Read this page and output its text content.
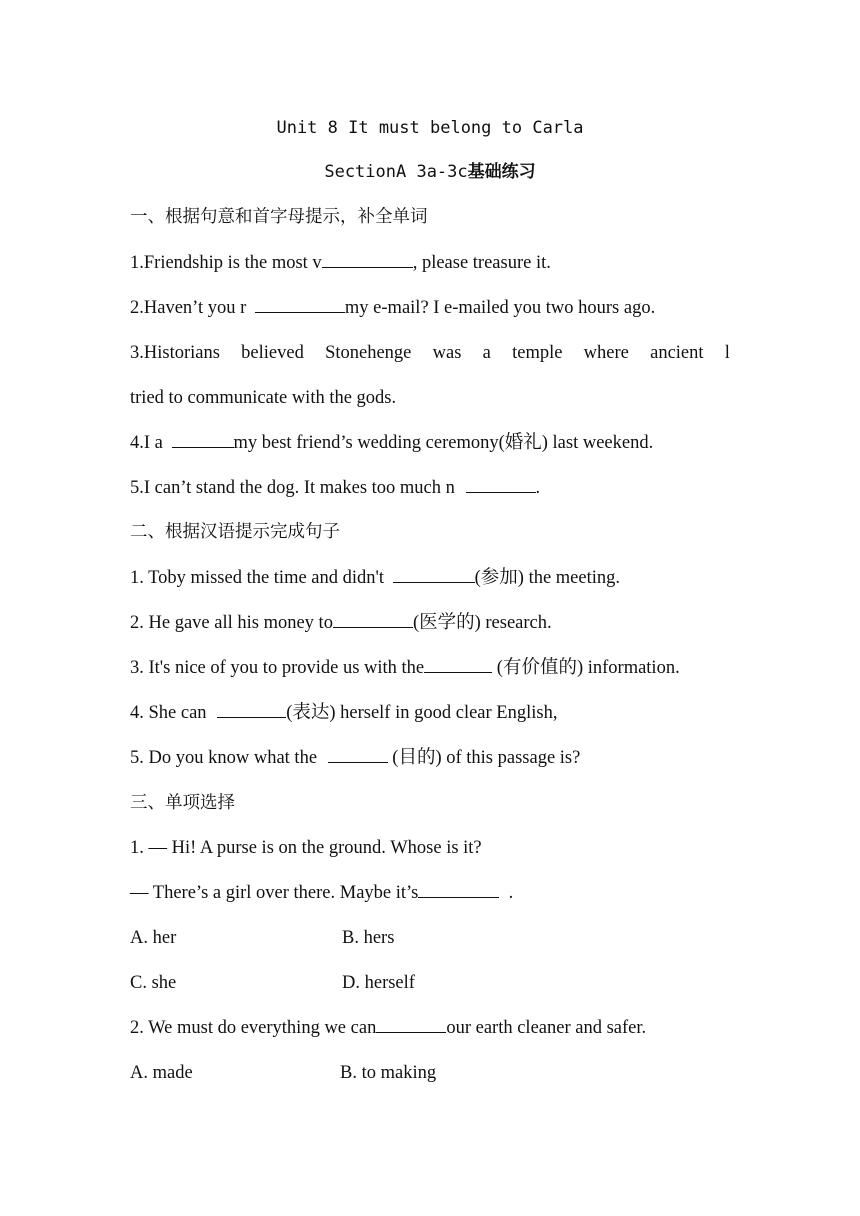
Unit 8 It must belong to Carla
SectionA 3a-3c基础练习
一、根据句意和首字母提示，补全单词
1.Friendship is the most v	, please treasure it.
2.Haven’t you r	my e-mail? I e-mailed you two hours ago.
3.Historians believed Stonehenge was a temple where ancient l
tried to communicate with the gods.
4.I a	my best friend’s wedding ceremony(婚礼) last weekend.
5.I can’t stand the dog. It makes too much n	.
二、根据汉语提示完成句子
1. Toby missed the time and didn't	(参加) the meeting.
2. He gave all his money to	(医学的) research.
3. It's nice of you to provide us with the	(有价值的) information.
4. She can	(表达) herself in good clear English,
5. Do you know what the	(目的) of this passage is?
三、单项选择
1. — Hi! A purse is on the ground. Whose is it?
— There’s a girl over there. Maybe it’s	.
A. her	B. hers
C. she	D. herself
2. We must do everything we can	our earth cleaner and safer.
A. made	B. to making
